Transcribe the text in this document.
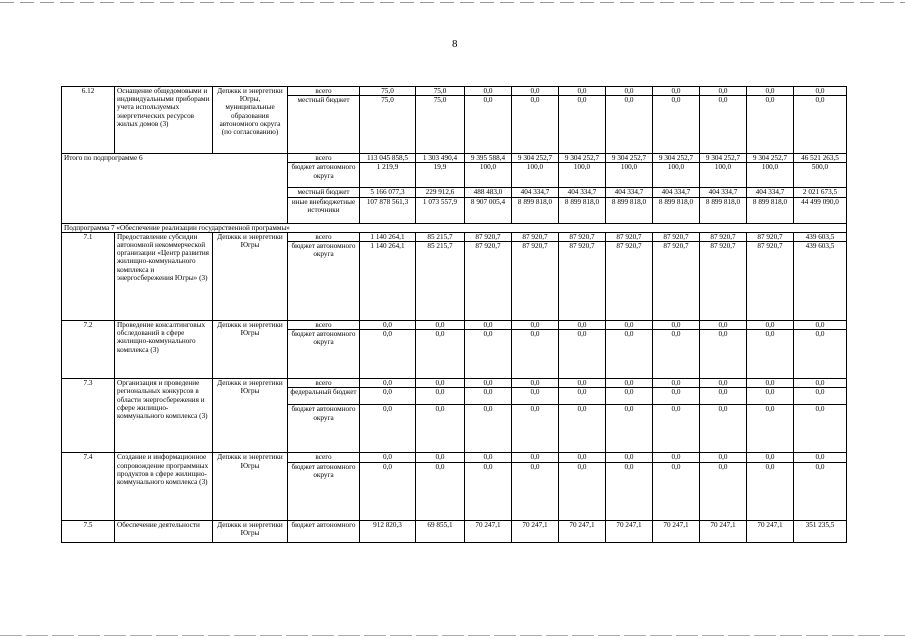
8
6.12	Оснащение общедомовыми и индивидуальными приборами учета используемых энергетических ресурсов жилых домов (3)	Депжкк и энергетики Югры, муниципальные образования автономного округа (по согласованию)	всего	75,0	75,0	0,0	0,0	0,0	0,0	0,0	0,0	0,0	0,0
			местный бюджет	75,0	75,0	0,0	0,0	0,0	0,0	0,0	0,0	0,0	0,0
Итого по подпрограмме 6			всего	113 045 858,5	1 303 490,4	9 395 588,4	9 304 252,7	9 304 252,7	9 304 252,7	9 304 252,7	9 304 252,7	9 304 252,7	46 521 263,5
			бюджет автономного округа	1 219,9	19,9	100,0	100,0	100,0	100,0	100,0	100,0	100,0	500,0
			местный бюджет	5 166 077,3	229 912,6	488 483,0	404 334,7	404 334,7	404 334,7	404 334,7	404 334,7	404 334,7	2 021 673,5
			иные внебюджетные источники	107 878 561,3	1 073 557,9	8 907 005,4	8 899 818,0	8 899 818,0	8 899 818,0	8 899 818,0	8 899 818,0	8 899 818,0	44 499 090,0
Подпрограмма 7 «Обеспечение реализации государственной программы»													
7.1	Предоставление субсидии автономной некоммерческой организации «Центр развития жилищно-коммунального комплекса и энергосбережения Югры» (3)	Депжкк и энергетики Югры	всего	1 140 264,1	85 215,7	87 920,7	87 920,7	87 920,7	87 920,7	87 920,7	87 920,7	87 920,7	439 603,5
			бюджет автономного округа	1 140 264,1	85 215,7	87 920,7	87 920,7	87 920,7	87 920,7	87 920,7	87 920,7	87 920,7	439 603,5
7.2	Проведение консалтинговых обследований в сфере жилищно-коммунального комплекса (3)	Депжкк и энергетики Югры	всего	0,0	0,0	0,0	0,0	0,0	0,0	0,0	0,0	0,0	0,0
			бюджет автономного округа	0,0	0,0	0,0	0,0	0,0	0,0	0,0	0,0	0,0	0,0
7.3	Организация и проведение региональных конкурсов в области энергосбережения и сфере жилищно-коммунального комплекса (3)	Депжкк и энергетики Югры	всего	0,0	0,0	0,0	0,0	0,0	0,0	0,0	0,0	0,0	0,0
			федеральный бюджет	0,0	0,0	0,0	0,0	0,0	0,0	0,0	0,0	0,0	0,0
			бюджет автономного округа	0,0	0,0	0,0	0,0	0,0	0,0	0,0	0,0	0,0	0,0
7.4	Создание и информационное сопровождение программных продуктов в сфере жилищно-коммунального комплекса (3)	Депжкк и энергетики Югры	всего	0,0	0,0	0,0	0,0	0,0	0,0	0,0	0,0	0,0	0,0
			бюджет автономного округа	0,0	0,0	0,0	0,0	0,0	0,0	0,0	0,0	0,0	0,0
7.5	Обеспечение деятельности	Депжкк и энергетики Югры	бюджет автономного	912 820,3	69 855,1	70 247,1	70 247,1	70 247,1	70 247,1	70 247,1	70 247,1	70 247,1	351 235,5
